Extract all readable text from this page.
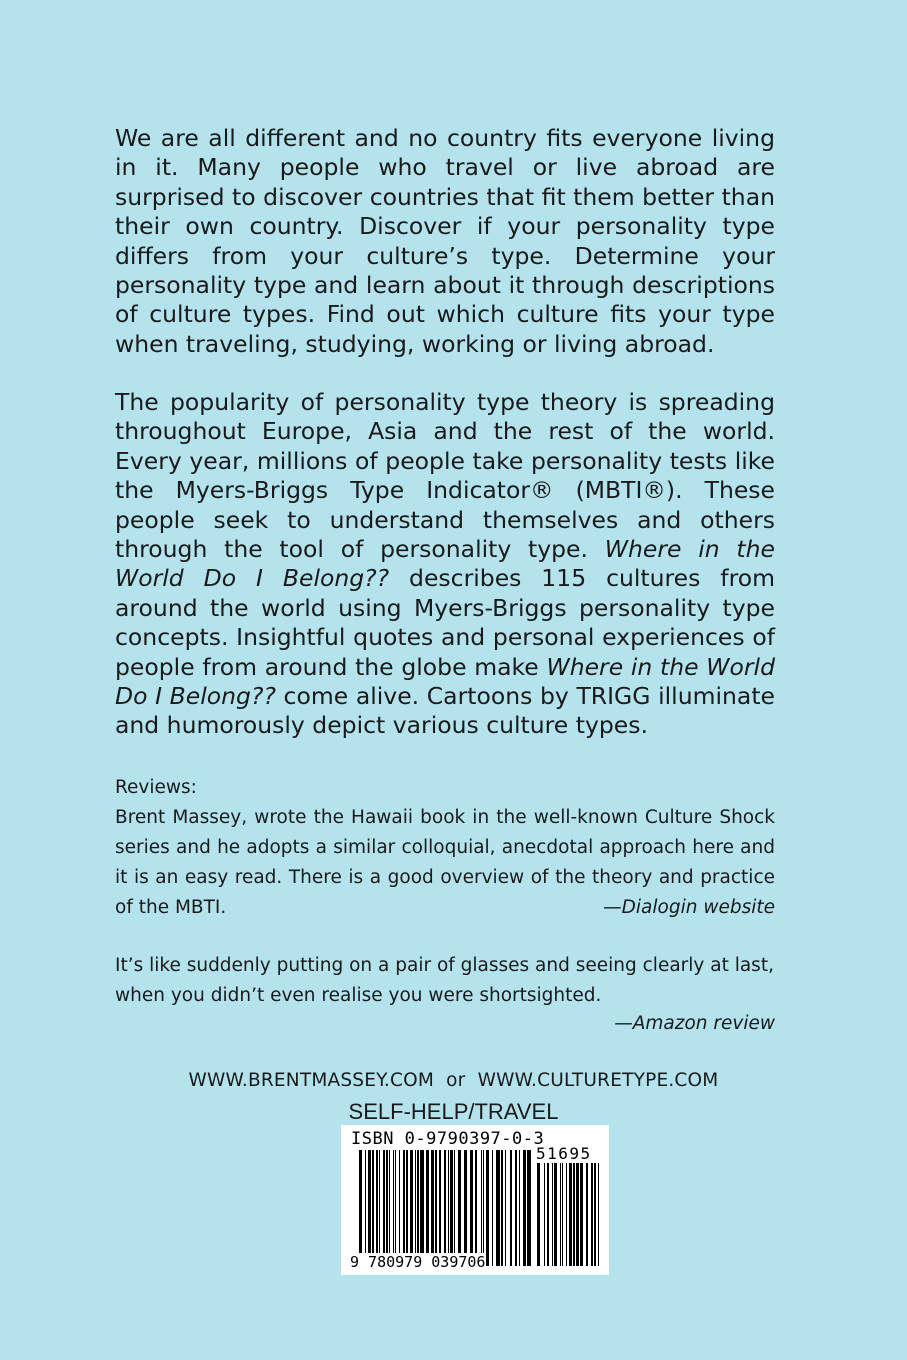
We are all different and no country fits everyone living in it. Many people who travel or live abroad are surprised to discover countries that fit them better than their own country. Discover if your personality type differs from your culture’s type. Determine your personality type and learn about it through descriptions of culture types. Find out which culture fits your type when traveling, studying, working or living abroad.

The popularity of personality type theory is spreading throughout Europe, Asia and the rest of the world. Every year, millions of people take personality tests like the Myers-Briggs Type Indicator® (MBTI®). These people seek to understand themselves and others through the tool of personality type. Where in the World Do I Belong?? describes 115 cultures from around the world using Myers-Briggs personality type concepts. Insightful quotes and personal experiences of people from around the globe make Where in the World Do I Belong?? come alive. Cartoons by TRIGG illuminate and humorously depict various culture types.

Reviews:

Brent Massey, wrote the Hawaii book in the well-known Culture Shock series and he adopts a similar colloquial, anecdotal approach here and it is an easy read. There is a good overview of the theory and practice of the MBTI.	—Dialogin website

It’s like suddenly putting on a pair of glasses and seeing clearly at last, when you didn’t even realise you were shortsighted.

—Amazon review
WWW.BRENTMASSEY.COM  or  WWW.CULTURETYPE.COM
SELF-HELP/TRAVEL
ISBN 0-9790397-0-3
51695
9 780979 039706
